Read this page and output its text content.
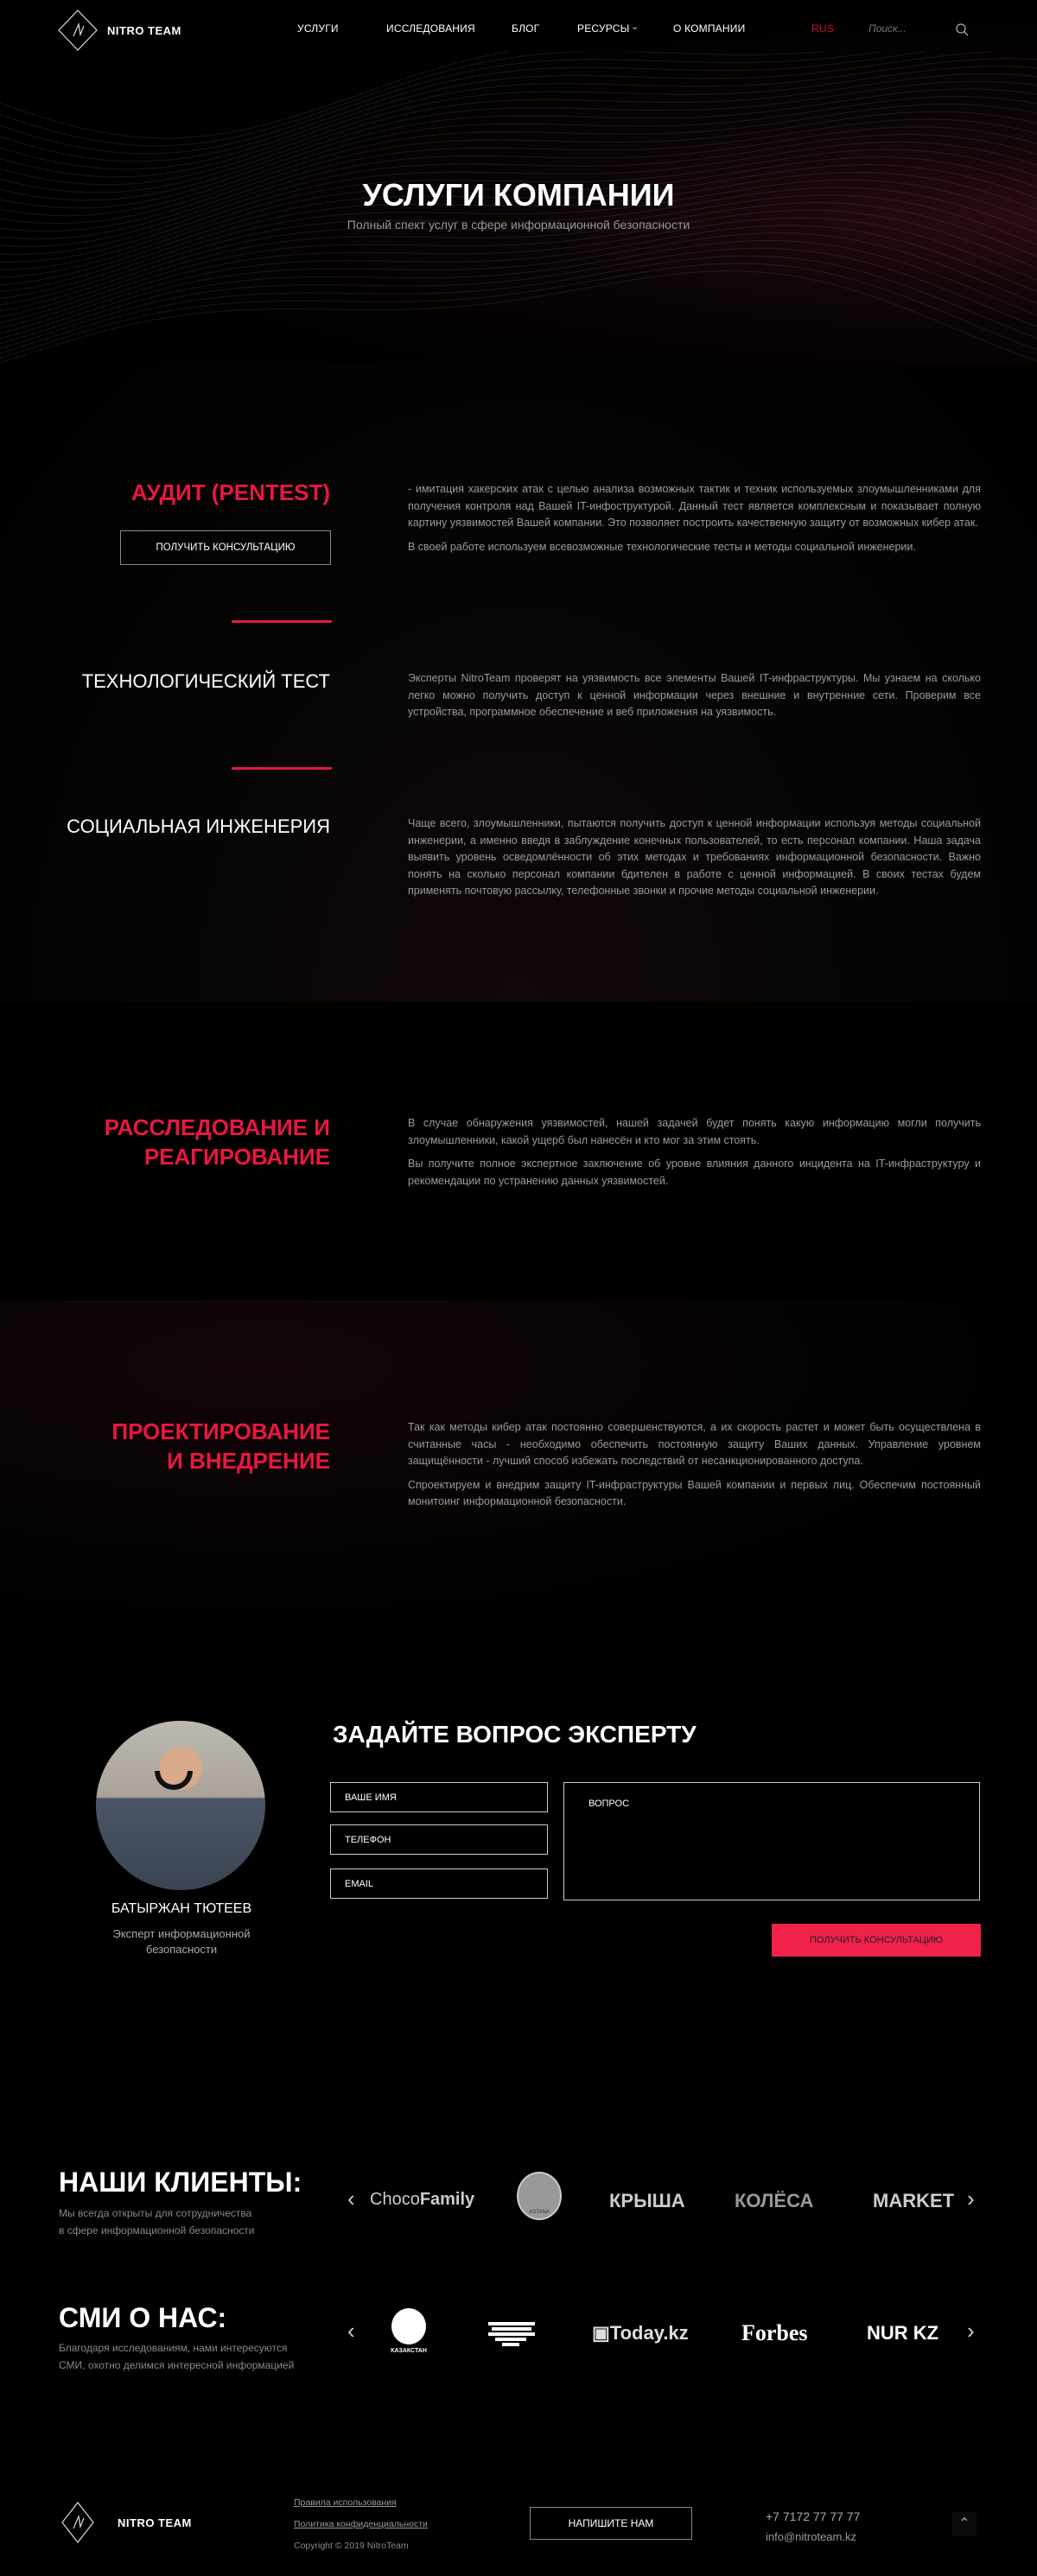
NITRO TEAM	УСЛУГИ	ИССЛЕДОВАНИЯ	БЛОГ	РЕСУРСЫ ⌄	О КОМПАНИИ	RUS
Поиск...
УСЛУГИ КОМПАНИИ
Полный спект услуг в сфере информационной безопасности
АУДИТ (PENTEST)
ПОЛУЧИТЬ КОНСУЛЬТАЦИЮ

- имитация хакерских атак с целью анализа возможных тактик и техник используемых злоумышленниками для получения контроля над Вашей IT-инфоструктурой. Данный тест является комплексным и показывает полную картину уязвимостей Вашей компании. Это позволяет построить качественную защиту от возможных кибер атак.

В своей работе используем всевозможные технологические тесты и методы социальной инженерии.

ТЕХНОЛОГИЧЕСКИЙ ТЕСТ	Эксперты NitroTeam проверят на уязвимость все элементы Вашей IT-инфраструктуры. Мы узнаем на сколько легко можно получить доступ к ценной информации через внешние и внутренние сети. Проверим все устройства, программное обеспечение и веб приложения на уязвимость.

СОЦИАЛЬНАЯ ИНЖЕНЕРИЯ	Чаще всего, злоумышленники, пытаются получить доступ к ценной информации используя методы социальной инженерии, а именно введя в заблуждение конечных пользователей, то есть персонал компании. Наша задача выявить уровень осведомлённости об этих методах и требованиях информационной безопасности. Важно понять на сколько персонал компании бдителен в работе с ценной информацией. В своих тестах будем применять почтовую рассылку, телефонные звонки и прочие методы социальной инженерии.

РАССЛЕДОВАНИЕ И
РЕАГИРОВАНИЕ

В случае обнаружения уязвимостей, нашей задачей будет понять какую информацию могли получить злоумышленники, какой ущерб был нанесён и кто мог за этим стоять.

Вы получите полное экспертное заключение об уровне влияния данного инцидента на IT-инфраструктуру и рекомендации по устранению данных уязвимостей.

ПРОЕКТИРОВАНИЕ
И ВНЕДРЕНИЕ

Так как методы кибер атак постоянно совершенствуются, а их скорость растет и может быть осуществлена в считанные часы - необходимо обеспечить постоянную защиту Ваших данных. Управление уровнем защищённости - лучший способ избежать последствий от несанкционированного доступа.

Спроектируем и внедрим защиту IT-инфраструктуры Вашей компании и первых лиц. Обеспечим постоянный монитоинг информационной безопасности.

БАТЫРЖАН ТЮТЕЕВ
Эксперт информационной безопасности
ЗАДАЙТЕ ВОПРОС ЭКСПЕРТУ
ВАШЕ ИМЯ
ТЕЛЕФОН
EMAIL
ВОПРОС
ПОЛУЧИТЬ КОНСУЛЬТАЦИЮ
НАШИ КЛИЕНТЫ:
Мы всегда открыты для сотрудничества
в сфере информационной безопасности
‹ ChocoFamily
ASTANA
КРЫША	КОЛЁСА	MARKET ›
СМИ О НАС:
Благодаря исследованиям, нами интересуются
СМИ, охотно делимся интересной информацией
‹
КАЗАКСТАН
▣Today.kz Forbes	NUR KZ ›
NITRO TEAM
Правила использования
Политика конфиденциальности
Copyright © 2019 NitroTeam
НАПИШИТЕ НАМ	+7 7172 77 77 77
info@nitroteam.kz
⌃
